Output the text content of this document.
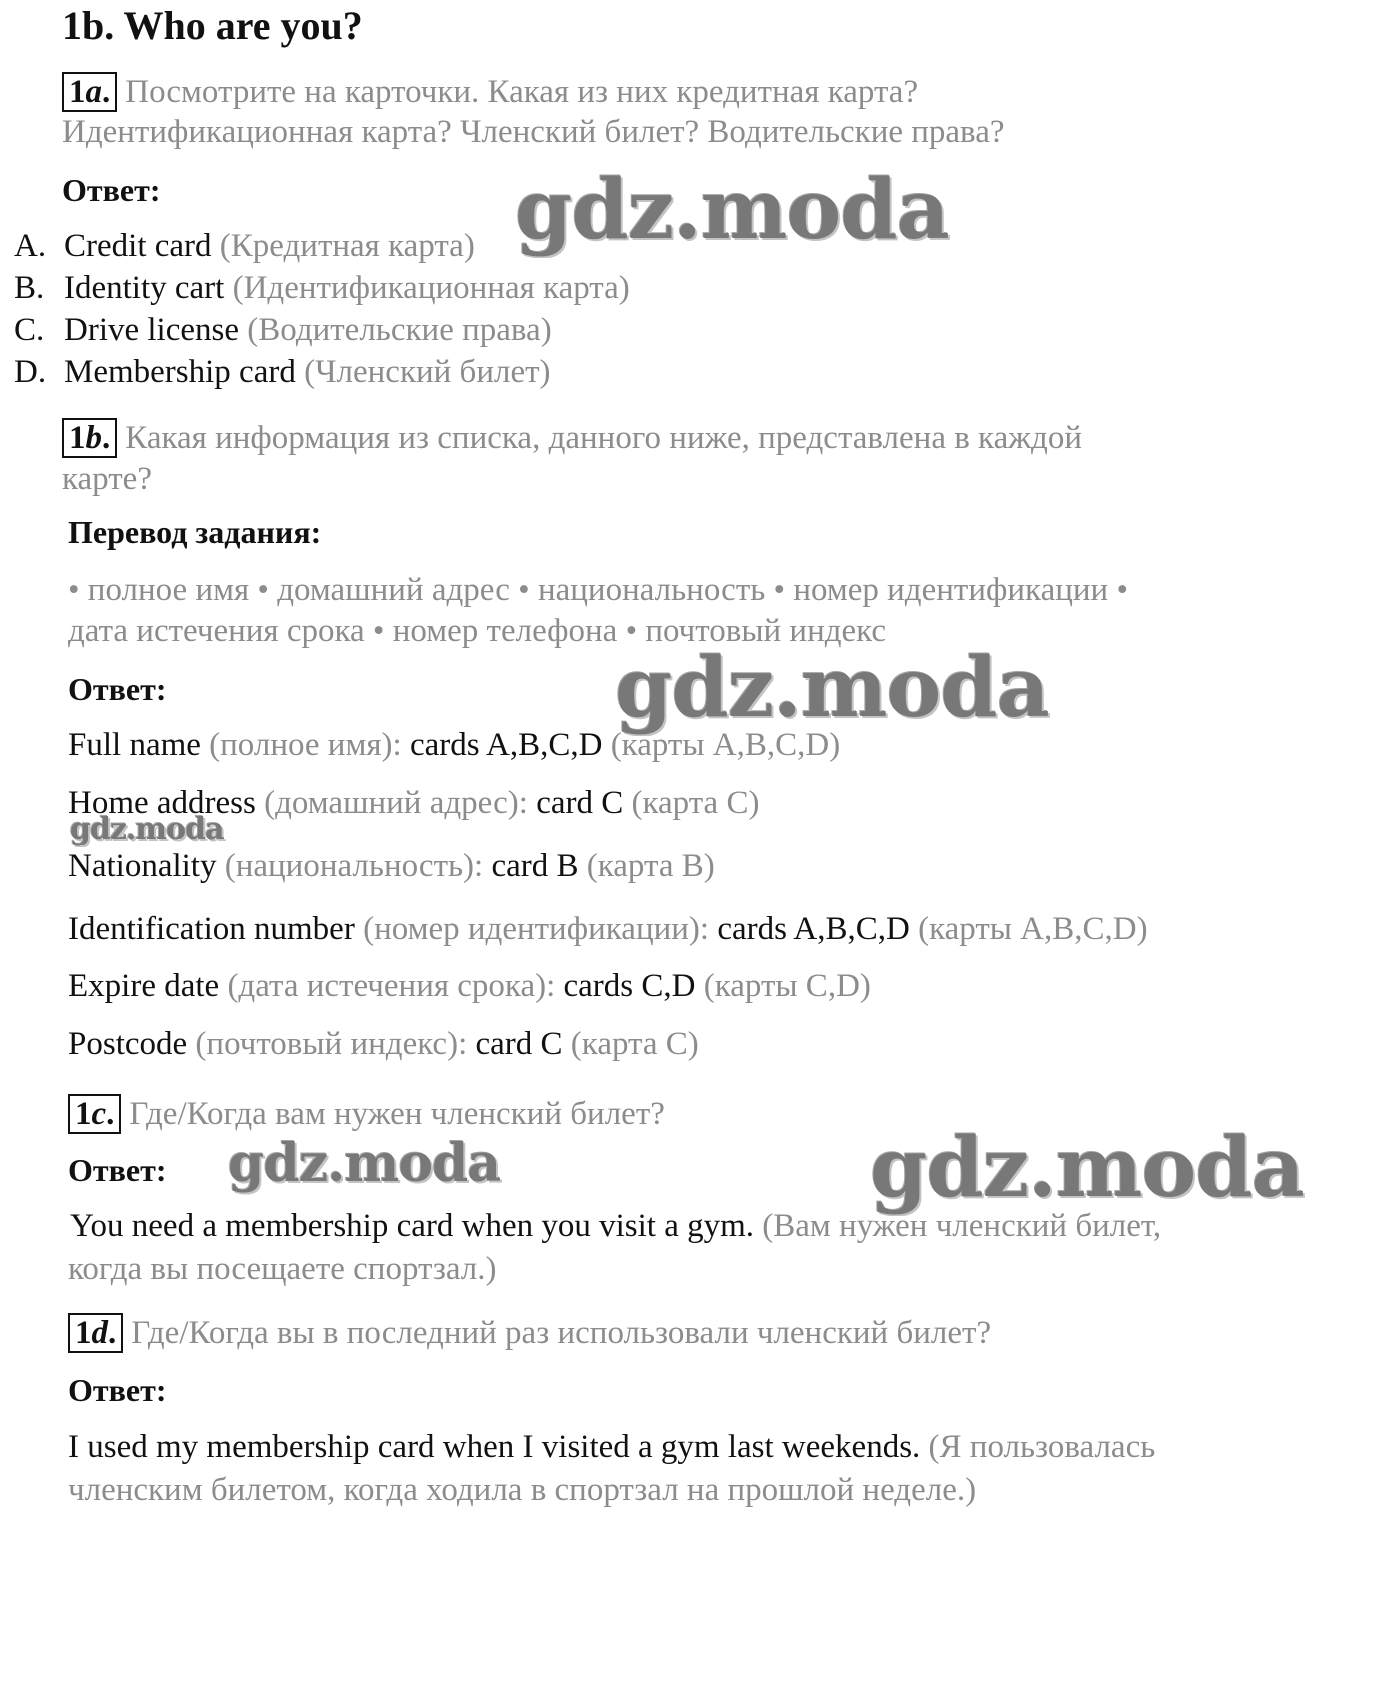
1b. Who are you?
1a. Посмотрите на карточки. Какая из них кредитная карта?
Идентификационная карта? Членский билет? Водительские права?
Ответ:
A. Credit card (Кредитная карта)
B. Identity cart (Идентификационная карта)
C. Drive license (Водительские права)
D. Membership card (Членский билет)
1b. Какая информация из списка, данного ниже, представлена в каждой
карте?
Перевод задания:
• полное имя • домашний адрес • национальность • номер идентификации •
дата истечения срока • номер телефона • почтовый индекс
Ответ:
Full name (полное имя): cards A,B,C,D (карты A,B,C,D)
Home address (домашний адрес): card C (карта C)
Nationality (национальность): card B (карта B)
Identification number (номер идентификации): cards A,B,C,D (карты A,B,C,D)
Expire date (дата истечения срока): cards C,D (карты C,D)
Postcode (почтовый индекс): card C (карта C)
1c. Где/Когда вам нужен членский билет?
Ответ:
You need a membership card when you visit a gym. (Вам нужен членский билет,
когда вы посещаете спортзал.)
1d. Где/Когда вы в последний раз использовали членский билет?
Ответ:
I used my membership card when I visited a gym last weekends. (Я пользовалась
членским билетом, когда ходила в спортзал на прошлой неделе.)
gdz.moda
gdz.moda
gdz.moda
gdz.moda	gdz.moda
